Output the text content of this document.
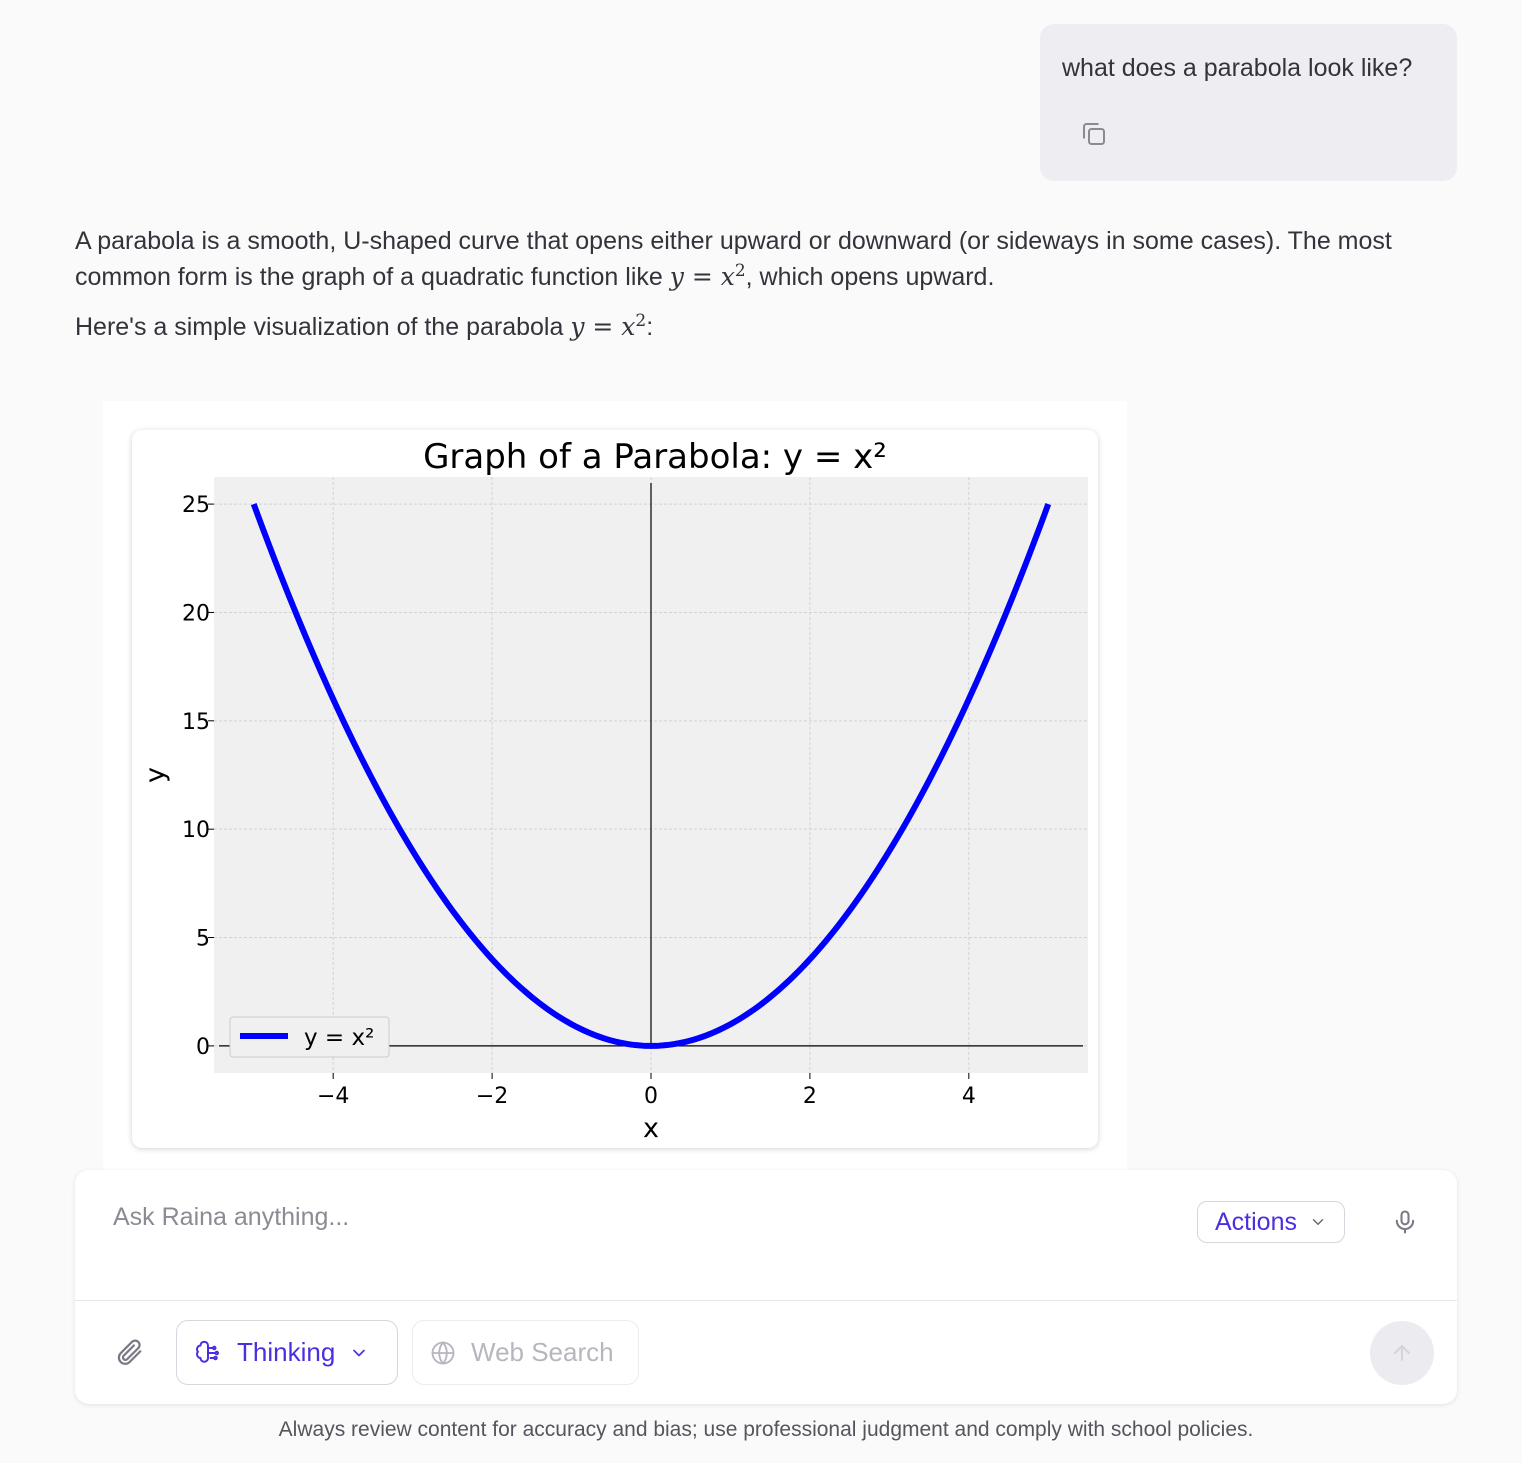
what does a parabola look like?

A parabola is a smooth, U-shaped curve that opens either upward or downward (or sideways in some cases). The most common form is the graph of a quadratic function like $y = x^2$, which opens upward.

Here's a simple visualization of the parabola $y = x^2$:

−4	−2	0	2	4
0
5
10
15
20
25
Graph of a Parabola: y = x²
x
y
y = x²
Ask Raina anything...
Actions
Thinking	Web Search
Always review content for accuracy and bias; use professional judgment and comply with school policies.
